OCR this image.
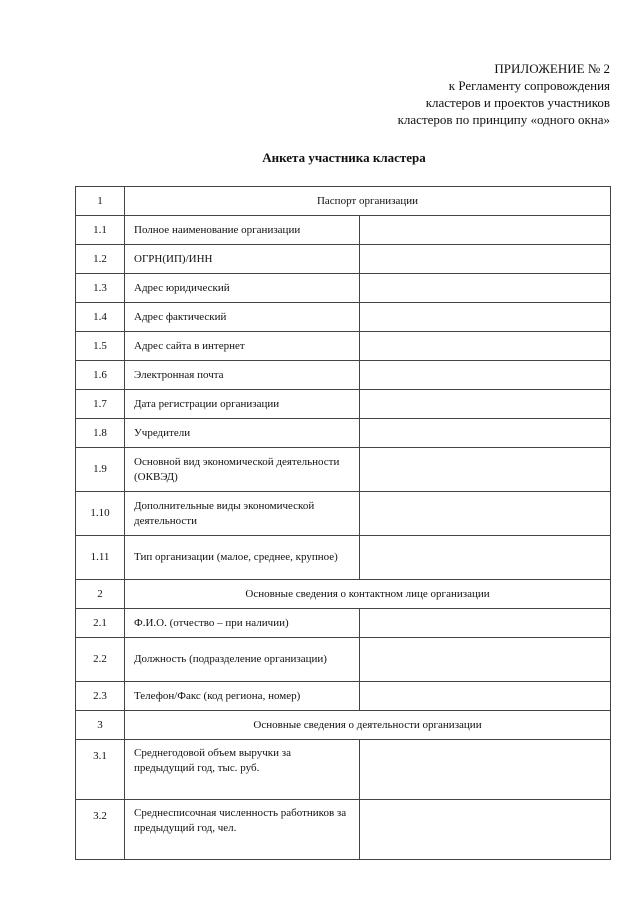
ПРИЛОЖЕНИЕ № 2
к Регламенту сопровождения
кластеров и проектов участников
кластеров по принципу «одного окна»
Анкета участника кластера
1	Паспорт организации	
1.1	Полное наименование организации	
1.2	ОГРН(ИП)/ИНН	
1.3	Адрес юридический	
1.4	Адрес фактический	
1.5	Адрес сайта в интернет	
1.6	Электронная почта	
1.7	Дата регистрации организации	
1.8	Учредители	
1.9	Основной вид экономической деятельности (ОКВЭД)	
1.10	Дополнительные виды экономической деятельности	
1.11	Тип организации (малое, среднее, крупное)	
2	Основные сведения о контактном лице организации	
2.1	Ф.И.О. (отчество – при наличии)	
2.2	Должность (подразделение организации)	
2.3	Телефон/Факс (код региона, номер)	
3	Основные сведения о деятельности организации	
3.1	Среднегодовой объем выручки за предыдущий год, тыс. руб.	
3.2	Среднесписочная численность работников за предыдущий год, чел.	
